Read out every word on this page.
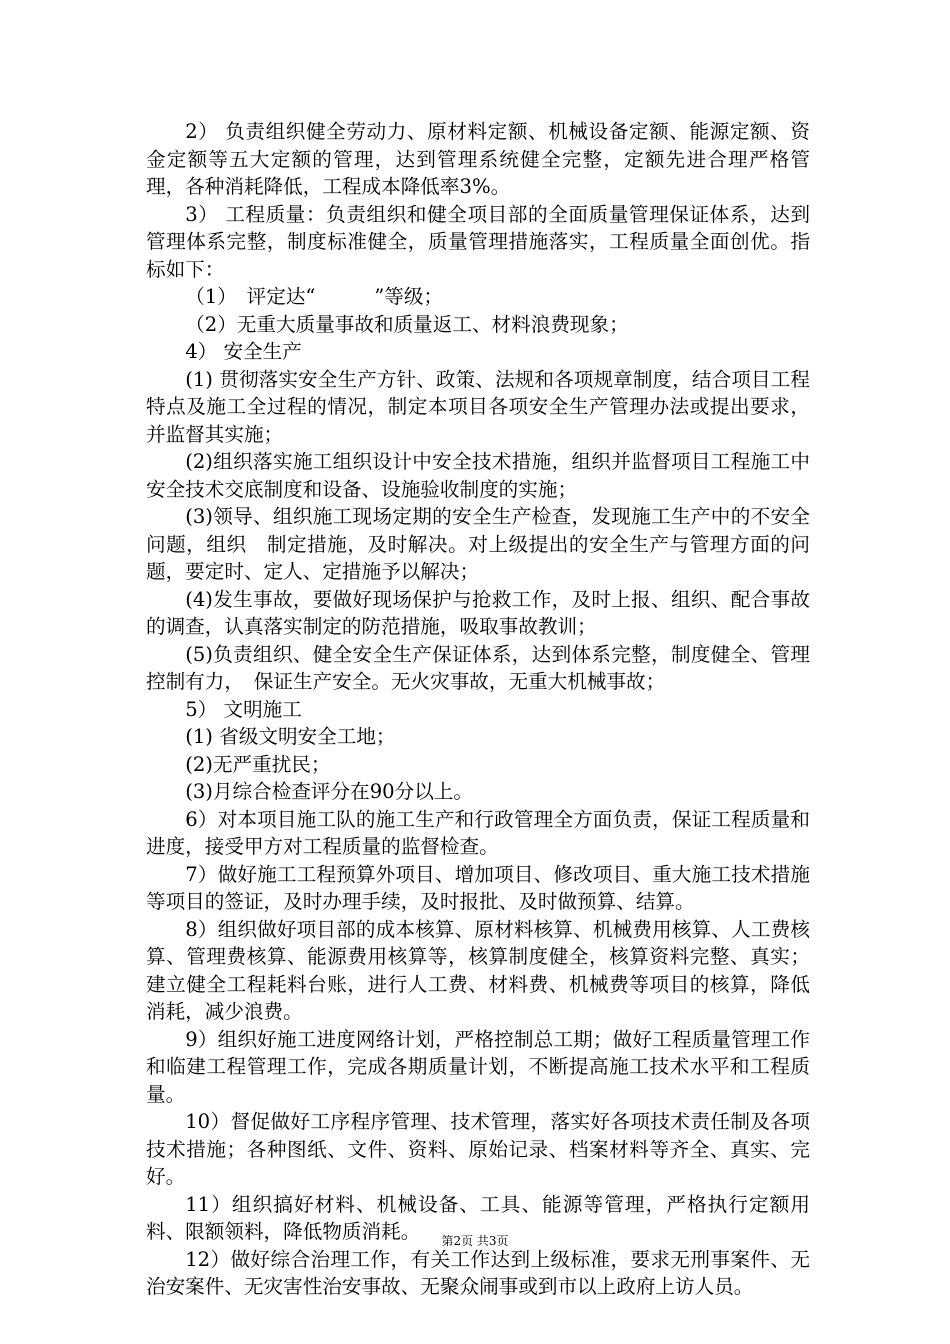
2） 负责组织健全劳动力、原材料定额、机械设备定额、能源定额、资金定额等五大定额的管理，达到管理系统健全完整，定额先进合理严格管理，各种消耗降低，工程成本降低率3%。

3） 工程质量：负责组织和健全项目部的全面质量管理保证体系，达到管理体系完整，制度标准健全，质量管理措施落实，工程质量全面创优。指标如下：

（1）　评定达“　　　”等级；

（2）无重大质量事故和质量返工、材料浪费现象；

4） 安全生产

(1) 贯彻落实安全生产方针、政策、法规和各项规章制度，结合项目工程特点及施工全过程的情况，制定本项目各项安全生产管理办法或提出要求，并监督其实施；

(2)组织落实施工组织设计中安全技术措施，组织并监督项目工程施工中安全技术交底制度和设备、设施验收制度的实施；

(3)领导、组织施工现场定期的安全生产检查，发现施工生产中的不安全问题，组织　制定措施，及时解决。对上级提出的安全生产与管理方面的问题，要定时、定人、定措施予以解决；

(4)发生事故，要做好现场保护与抢救工作，及时上报、组织、配合事故的调查，认真落实制定的防范措施，吸取事故教训；

(5)负责组织、健全安全生产保证体系，达到体系完整，制度健全、管理控制有力，　保证生产安全。无火灾事故，无重大机械事故；

5） 文明施工

(1) 省级文明安全工地；

(2)无严重扰民；

(3)月综合检查评分在90分以上。

6）对本项目施工队的施工生产和行政管理全方面负责，保证工程质量和进度，接受甲方对工程质量的监督检查。

7）做好施工工程预算外项目、增加项目、修改项目、重大施工技术措施等项目的签证，及时办理手续，及时报批、及时做预算、结算。

8）组织做好项目部的成本核算、原材料核算、机械费用核算、人工费核算、管理费核算、能源费用核算等，核算制度健全，核算资料完整、真实；建立健全工程耗料台账，进行人工费、材料费、机械费等项目的核算，降低消耗，减少浪费。

9）组织好施工进度网络计划，严格控制总工期；做好工程质量管理工作和临建工程管理工作，完成各期质量计划，不断提高施工技术水平和工程质量。

10）督促做好工序程序管理、技术管理，落实好各项技术责任制及各项技术措施；各种图纸、文件、资料、原始记录、档案材料等齐全、真实、完好。

11）组织搞好材料、机械设备、工具、能源等管理，严格执行定额用料、限额领料，降低物质消耗。

12）做好综合治理工作，有关工作达到上级标准，要求无刑事案件、无治安案件、无灾害性治安事故、无聚众闹事或到市以上政府上访人员。

第2页 共3页
